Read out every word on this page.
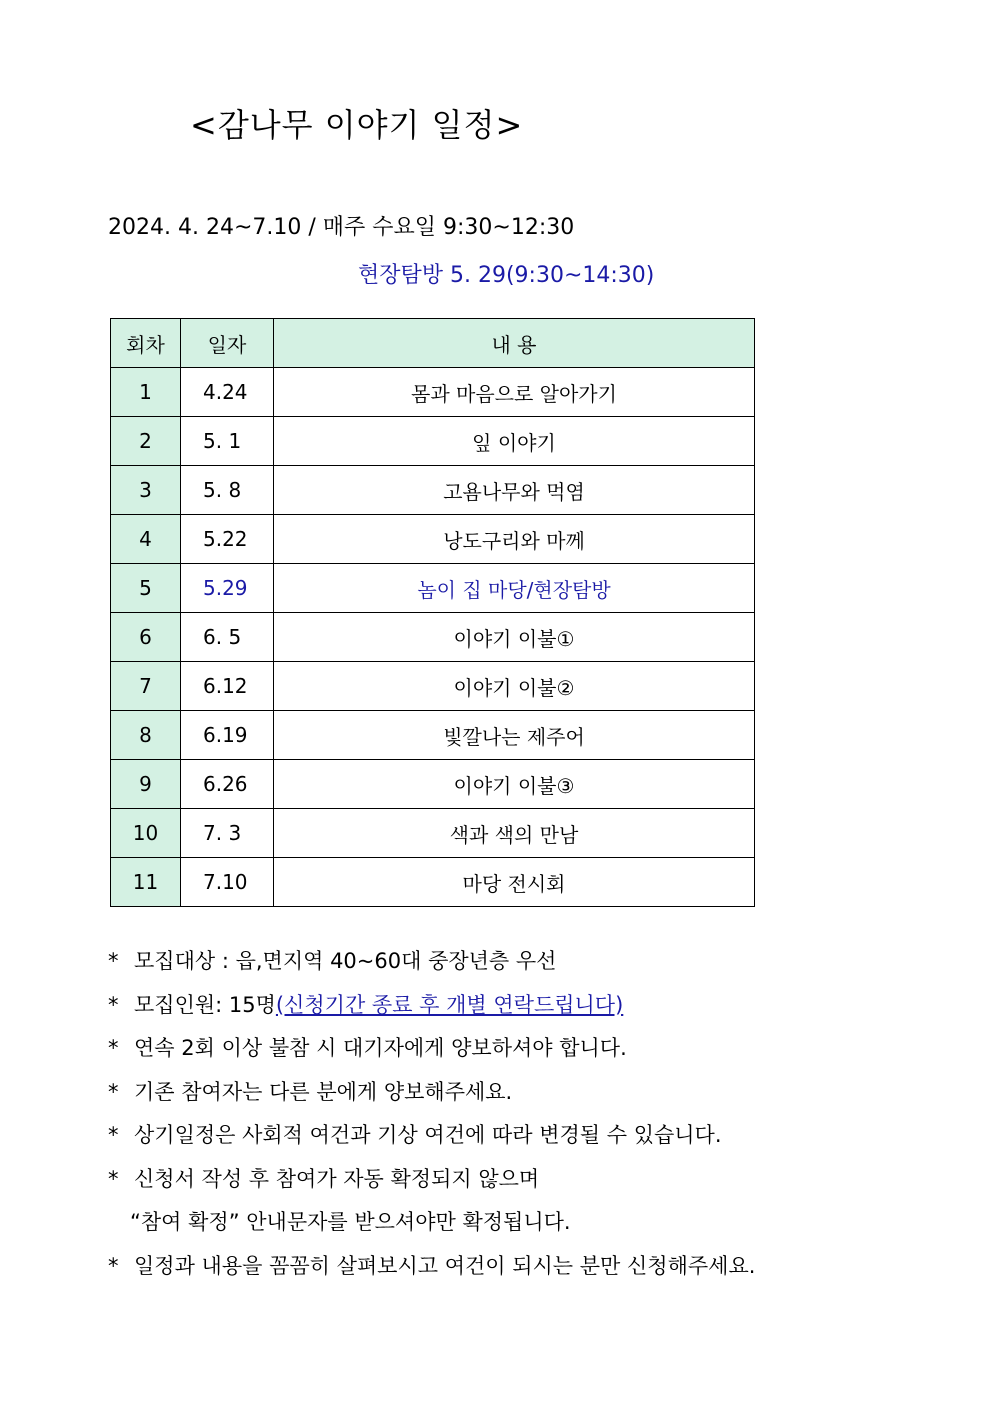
<감나무 이야기 일정>
2024. 4. 24~7.10 / 매주 수요일 9:30~12:30
현장탐방 5. 29(9:30~14:30)
회차	일자	내 용
1	4.24	몸과 마음으로 알아가기
2	5. 1	잎 이야기
3	5. 8	고욤나무와 먹염
4	5.22	낭도구리와 마께
5	5.29	놈이 집 마당/현장탐방
6	6. 5	이야기 이불①
7	6.12	이야기 이불②
8	6.19	빛깔나는 제주어
9	6.26	이야기 이불③
10	7. 3	색과 색의 만남
11	7.10	마당 전시회
* 모집대상 : 읍,면지역 40~60대 중장년층 우선
* 모집인원: 15명(신청기간 종료 후 개별 연락드립니다)
* 연속 2회 이상 불참 시 대기자에게 양보하셔야 합니다.
* 기존 참여자는 다른 분에게 양보해주세요.
* 상기일정은 사회적 여건과 기상 여건에 따라 변경될 수 있습니다.
* 신청서 작성 후 참여가 자동 확정되지 않으며
“참여 확정” 안내문자를 받으셔야만 확정됩니다.
* 일정과 내용을 꼼꼼히 살펴보시고 여건이 되시는 분만 신청해주세요.
